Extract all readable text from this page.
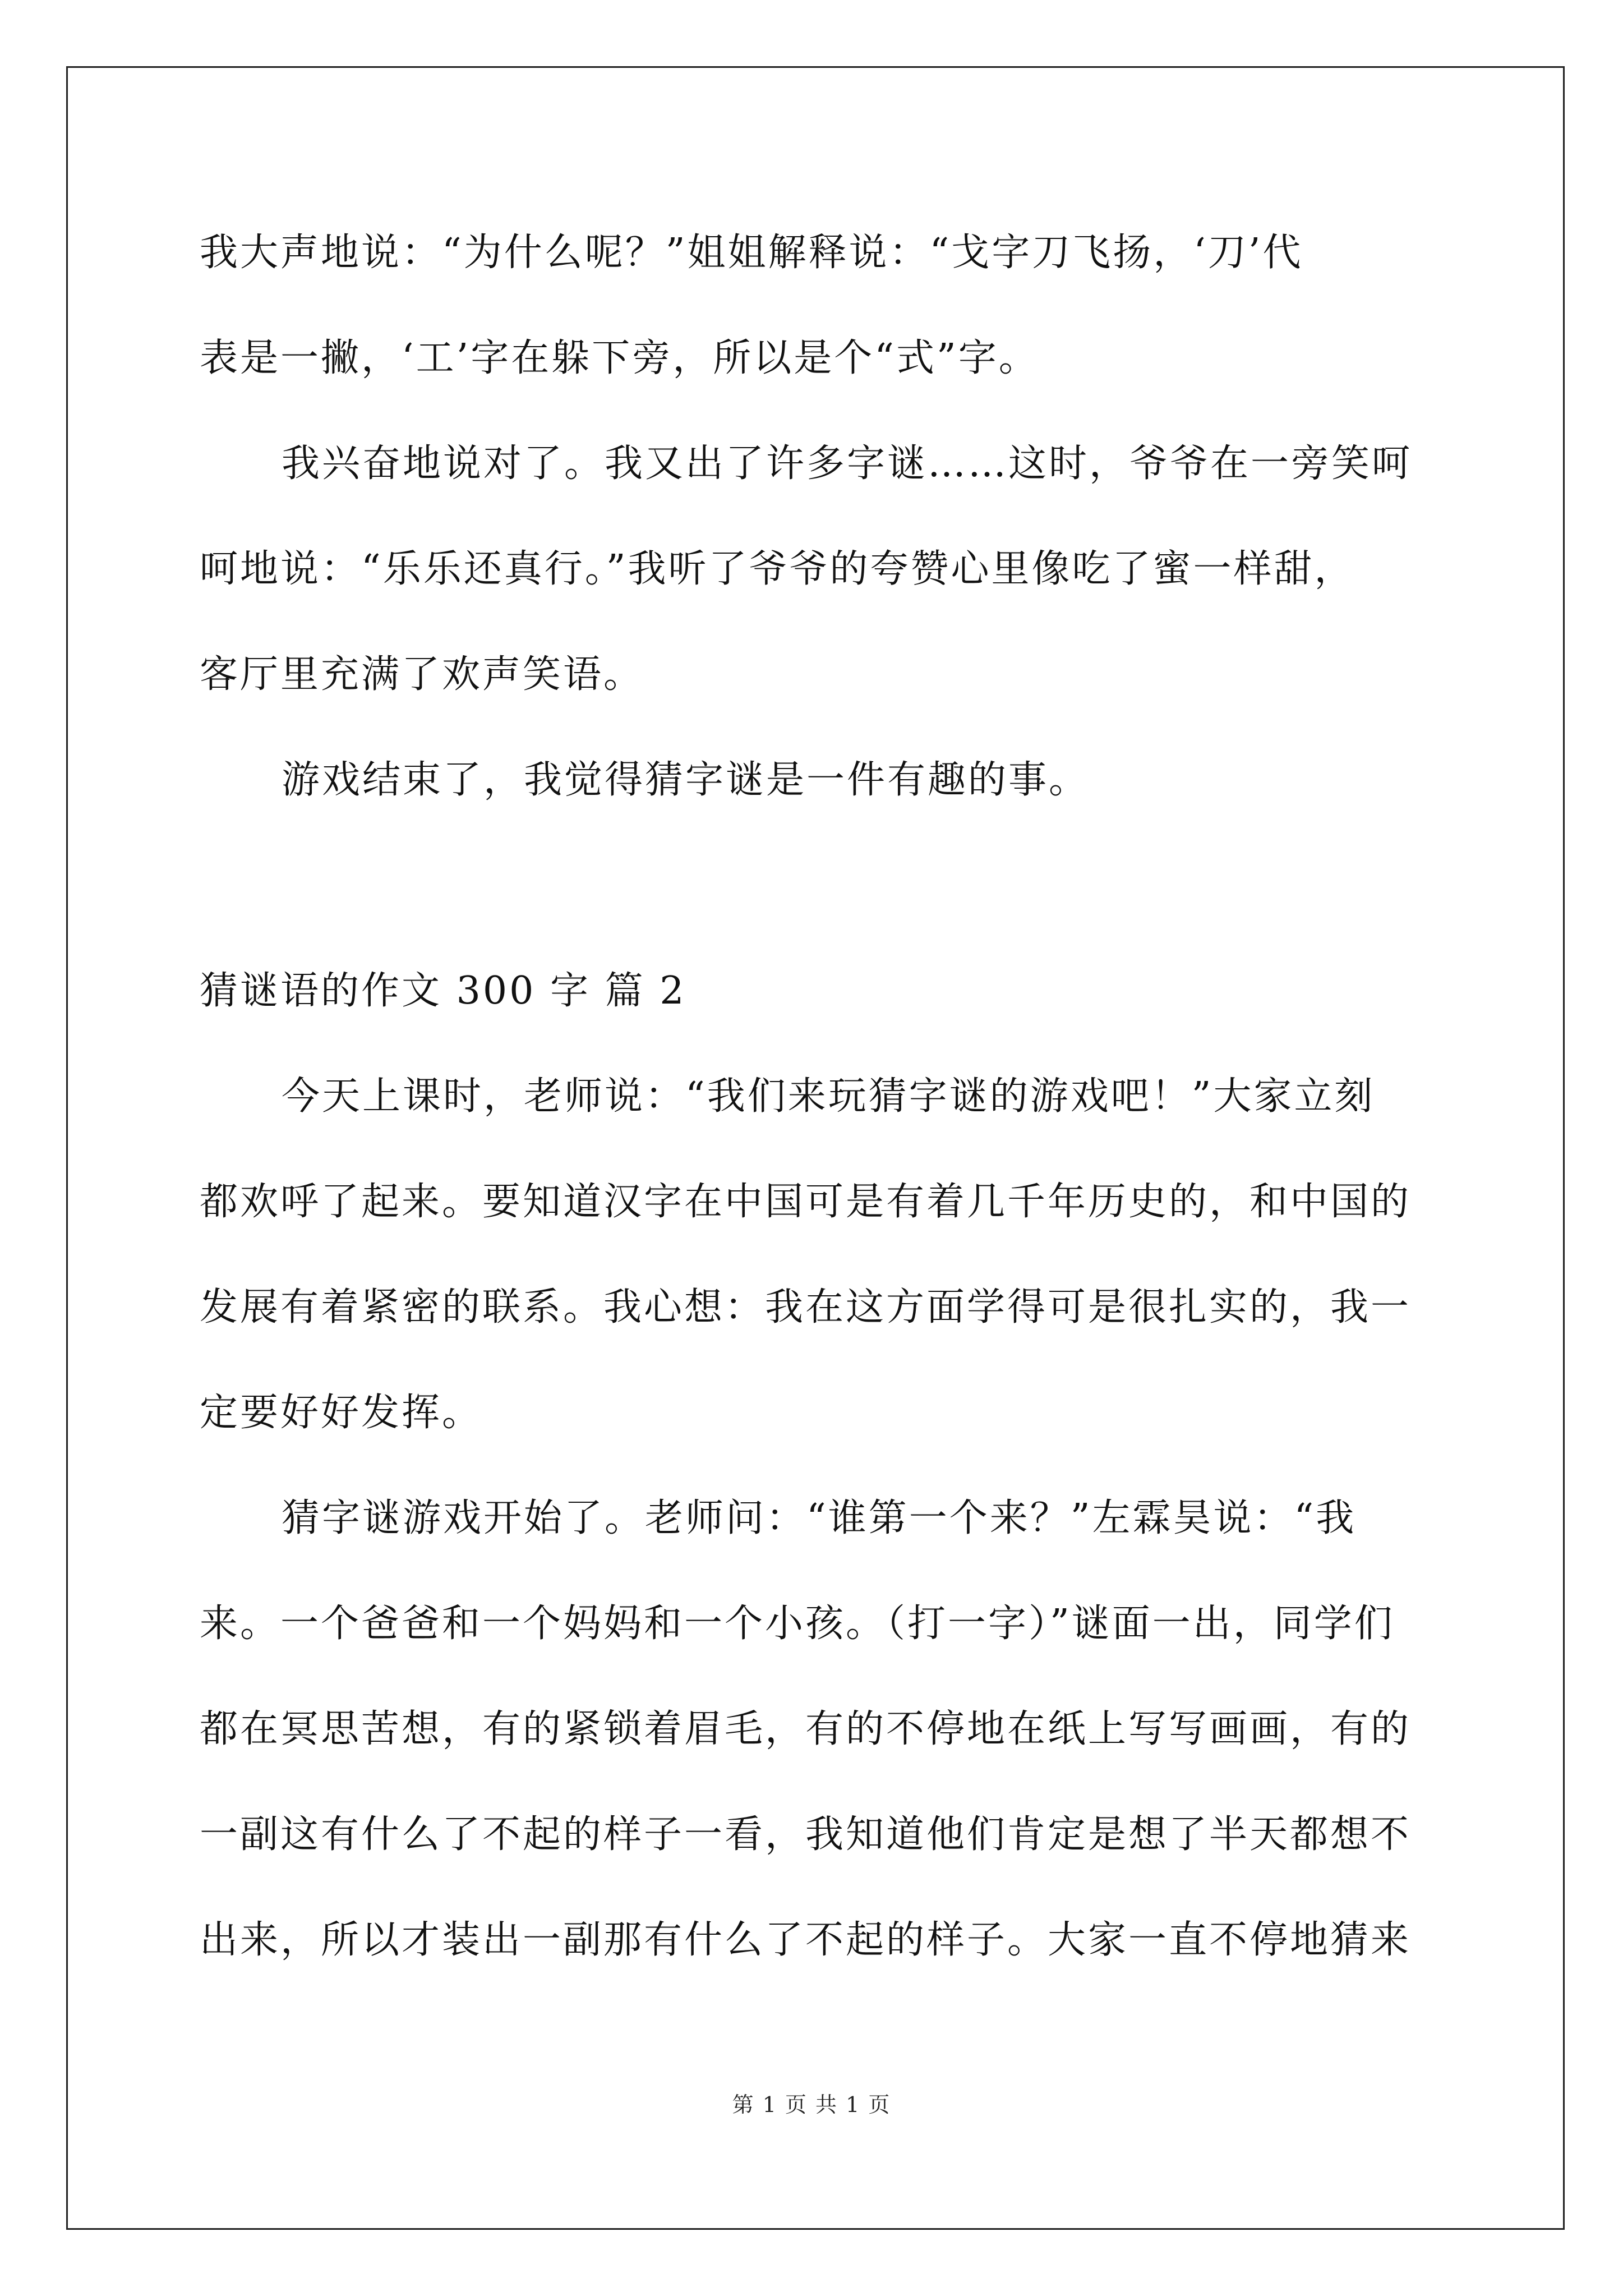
我大声地说：“为什么呢？”姐姐解释说：“戈字刀飞扬，‘刀’代
表是一撇，‘工’字在躲下旁，所以是个“式”字。
我兴奋地说对了。我又出了许多字谜……这时，爷爷在一旁笑呵
呵地说：“乐乐还真行。”我听了爷爷的夸赞心里像吃了蜜一样甜，
客厅里充满了欢声笑语。
游戏结束了，我觉得猜字谜是一件有趣的事。
猜谜语的作文 300 字 篇 2
今天上课时，老师说：“我们来玩猜字谜的游戏吧！”大家立刻
都欢呼了起来。要知道汉字在中国可是有着几千年历史的，和中国的
发展有着紧密的联系。我心想：我在这方面学得可是很扎实的，我一
定要好好发挥。
猜字谜游戏开始了。老师问：“谁第一个来？”左霖昊说：“我
来。一个爸爸和一个妈妈和一个小孩。（打一字）”谜面一出，同学们
都在冥思苦想，有的紧锁着眉毛，有的不停地在纸上写写画画，有的
一副这有什么了不起的样子一看，我知道他们肯定是想了半天都想不
出来，所以才装出一副那有什么了不起的样子。大家一直不停地猜来
第 1 页 共 1 页
